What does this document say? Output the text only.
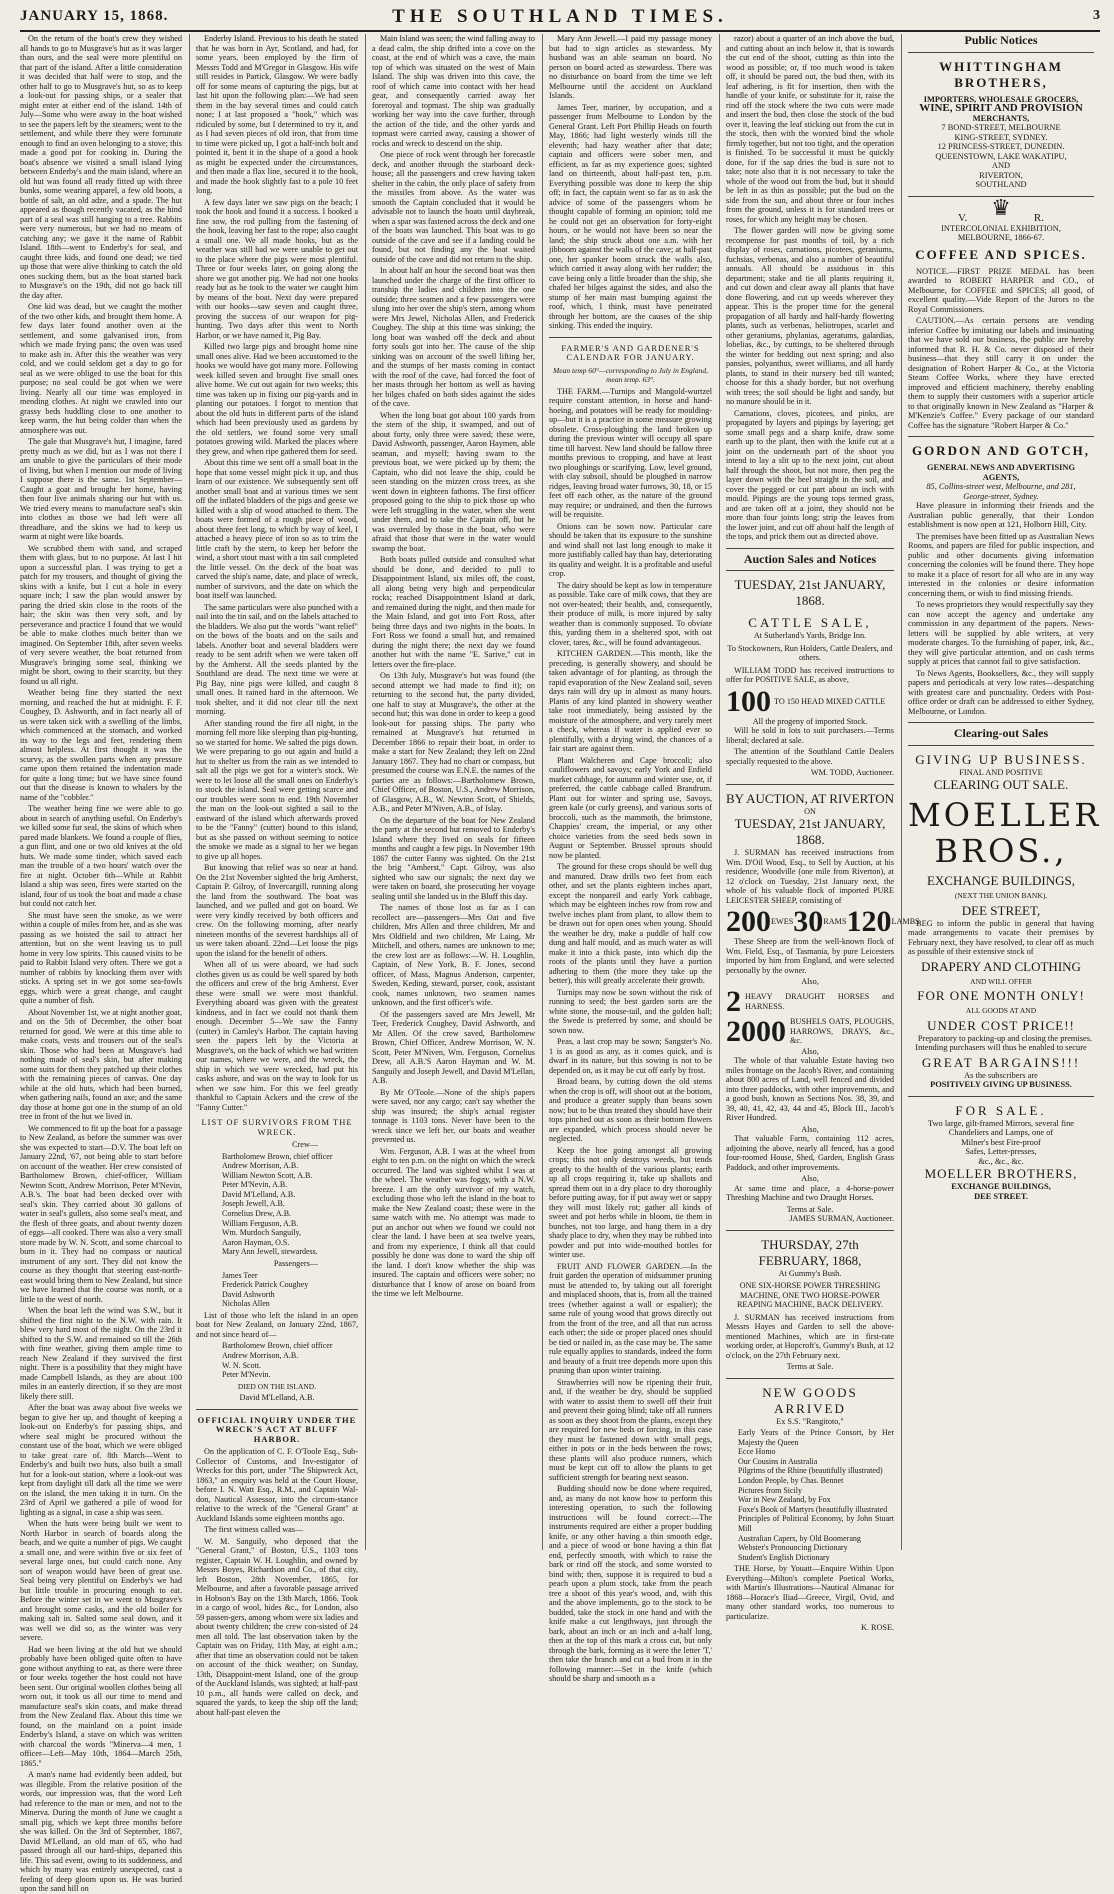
JANUARY 15, 1868.	THE SOUTHLAND TIMES.	3

On the return of the boat's crew they wished all hands to go to Musgrave's hut as it was larger than ours, and the seal were more plentiful on that part of the island. After a little consideration it was decided that half were to stop, and the other half to go to Musgrave's hut, so as to keep a look-out for passing ships, or a sealer that might enter at either end of the island. 14th of July—Some who were away in the boat wished to see the papers left by the steamers; went to the settlement, and while there they were fortunate enough to find an oven belonging to a stove; this made a good pot for cooking in. During the boat's absence we visited a small island lying between Enderby's and the main island, where an old hut was found all ready fitted up with three bunks, some wearing apparel, a few old boots, a bottle of salt, an old adze, and a spade. The hut appeared as though recently vacated, as the hind part of a seal was still hanging to a tree. Rabbits were very numerous, but we had no means of catching any; we gave it the name of Rabbit Island. 18th—went to Enderby's for seal, and caught three kids, and found one dead; we tied up those that were alive thinking to catch the old ones sucking them, but as the boat started back to Musgrave's on the 19th, did not go back till the day after.

One kid was dead, but we caught the mother of the two other kids, and brought them home. A few days later found another oven at the settlement, and some galvanised iron, from which we made frying pans; the oven was used to make ash in. After this the weather was very cold, and we could seldom get a day to go for seal as we were obliged to use the boat for this purpose; no seal could be got when we were living. Nearly all our time was employed in mending clothes. At night we crawled into our grassy beds huddling close to one another to keep warm, the hut being colder than when the atmosphere was out.

The gale that Musgrave's hut, I imagine, fared pretty much as we did, but as I was not there I am unable to give the particulars of their mode of living, but when I mention our mode of living I suppose there is the same. 1st September—Caught a goat and brought her home, having then four live animals sharing our hut with us. We tried every means to manufacture seal's skin into clothes as those we had left were all threadbare, and the skins we had to keep us warm at night were like boards.

We scrubbed them with sand, and scraped them with glass, but to no purpose. At last I hit upon a successful plan. I was trying to get a patch for my trousers, and thought of giving the skins with a knife, but I cut a hole in every square inch; I saw the plan would answer by paring the dried skin close to the roots of the hair; the skin was then very soft, and by perseverance and practice I found that we would be able to make clothes much better than we imagined. On September 18th, after seven weeks of very severe weather, the boat returned from Musgrave's bringing some seal, thinking we might be short, owing to their scarcity, but they found us all right.

Weather being fine they started the next morning, and reached the hut at midnight. F. F. Coughey, D. Ashworth, and in fact nearly all of us were taken sick with a swelling of the limbs, which commenced at the stomach, and worked its way to the legs and feet, rendering them almost helpless. At first thought it was the scurvy, as the swollen parts when any pressure came upon them retained the indentation made for quite a long time; but we have since found out that the disease is known to whalers by the name of the "cobbler."

The weather being fine we were able to go about in search of anything useful. On Enderby's we killed some fur seal, the skins of which when pared made blankets. We found a couple of flies, a gun flint, and one or two old knives at the old huts. We made some tinder, which saved each man the trouble of a two hours' watch over the fire at night. October 6th—While at Rabbit Island a ship was seen, fires were started on the island, four of us took the boat and made a chase but could not catch her.

She must have seen the smoke, as we were within a couple of miles from her, and as she was passing as we hoisted the sail to attract her attention, but on she went leaving us to pull home in very low spirits. This caused visits to be paid to Rabbit Island very often. There we got a number of rabbits by knocking them over with sticks. A spring set in we got some sea-fowls eggs, which were a great change, and caught quite a number of fish.

About November 1st, we at night another goat, and on the 5th of December, the other boat returned for good. We were at this time able to make coats, vests and trousers out of the seal's skin. Those who had been at Musgrave's had nothing made of seal's skin, but after making some suits for them they patched up their clothes with the remaining pieces of canvas. One day while at the old huts, which had been burned, when gathering nails, found an axe; and the same day those at home got one in the stump of an old tree in front of the hut we lived in.

We commenced to fit up the boat for a passage to New Zealand, as before the summer was over she was expected to start—D.V. The boat left on January 22nd, '67, not being able to start before on account of the weather. Her crew consisted of Bartholomew Brown, chief-officer, William Newton Scott, Andrew Morrison, Peter M'Nevin, A.B.'s. The boat had been decked over with seal's skin. They carried about 30 gallons of water in seal's gullets, also some seal's meat, and the flesh of three goats, and about twenty dozen of eggs—all cooked. There was also a very small store made by W. N. Scott, and some charcoal to burn in it. They had no compass or nautical instrument of any sort. They did not know the course as they thought that steering east-north-east would bring them to New Zealand, but since we have learned that the course was north, or a little to the west of north.

When the boat left the wind was S.W., but it shifted the first night to the N.W. with rain. It blew very hard most of the night. On the 23rd it shifted to the S.W. and remained so till the 26th with fine weather, giving them ample time to reach New Zealand if they survived the first night. There is a possibility that they might have made Campbell Islands, as they are about 100 miles in an easterly direction, if so they are most likely there still.

After the boat was away about five weeks we began to give her up, and thought of keeping a look-out on Enderby's for passing ships, and where seal might be procured without the constant use of the boat, which we were obliged to take great care of. 8th March—Went to Enderby's and built two huts, also built a small hut for a look-out station, where a look-out was kept from daylight till dark all the time we were on the island, the men taking it in turn. On the 23rd of April we gathered a pile of wood for lighting as a signal, in case a ship was seen.

When the huts were being built we went to North Harbor in search of boards along the beach, and we quite a number of pigs. We caught a small one, and were within five or six feet of several large ones, but could catch none. Any sort of weapon would have been of great use. Seal being very plentiful on Enderby's we had but little trouble in procuring enough to eat. Before the winter set in we went to Musgrave's and brought some casks, and the old boiler for making salt in. Salted some seal down, and it was well we did so, as the winter was very severe.

Had we been living at the old hut we should probably have been obliged quite often to have gone without anything to eat, as there were three or four weeks together the host could not have been sent. Our original woollen clothes being all worn out, it took us all our time to mend and manufacture seal's skin coats, and make thread from the New Zealand flax. About this time we found, on the mainland on a point inside Enderby's Island, a stave on which was written with charcoal the words "Minerva—4 men, 1 officer—Left—May 10th, 1864—March 25th, 1865."

A man's name had evidently been added, but was illegible. From the relative position of the words, our impression was, that the word Left had reference to the man or men, and not to the Minerva. During the month of June we caught a small pig, which we kept three months before she was killed. On the 3rd of September, 1867, David M'Lelland, an old man of 65, who had passed through all our hard-ships, departed this life. This sad event, owing to its suddenness, and which by many was entirely unexpected, cast a feeling of deep gloom upon us. He was buried upon the sand hill on

Enderby Island. Previous to his death he stated that he was born in Ayr, Scotland, and had, for some years, been employed by the firm of Messrs Todd and M'Gregor in Glasgow. His wife still resides in Partick, Glasgow. We were badly off for some means of capturing the pigs, but at last hit upon the following plan:—We had seen them in the bay several times and could catch none; I at last proposed a "hook," which was ridiculed by some, but I determined to try it, and as I had seven pieces of old iron, that from time to time were picked up, I got a half-inch bolt and pointed it, bent it in the shape of a good a hook as might be expected under the circumstances, and then made a flax line, secured it to the hook, and made the hook slightly fast to a pole 10 feet long.

A few days later we saw pigs on the beach; I took the hook and found it a success. I hooked a fine sow, the rod pulling from the fastening of the hook, leaving her fast to the rope; also caught a small one. We all made hooks, but as the weather was still bad we were unable to get out to the place where the pigs were most plentiful. Three or four weeks later, on going along the shore we got another pig. We had not one hooks ready but as he took to the water we caught him by means of the boat. Next day were prepared with our hooks—saw seven and caught three, proving the success of our weapon for pig-hunting. Two days after this went to North Harbor, or we have named it, Pig Bay.

Killed two large pigs and brought home nine small ones alive. Had we been accustomed to the hooks we would have got many more. Following week killed seven and brought five small ones alive home. We cut out again for two weeks; this time was taken up in fixing our pig-yards and in planting our potatoes. I forgot to mention that about the old huts in different parts of the island which had been previously used as gardens by the old settlers, we found some very small potatoes growing wild. Marked the places where they grew, and when ripe gathered them for seed.

About this time we sent off a small boat in the hope that some vessel might pick it up, and thus learn of our existence. We subsequently sent off another small boat and at various times we sent off the inflated bladders of the pigs and geese we killed with a slip of wood attached to them. The boats were formed of a rough piece of wood, about three feet long, to which by way of keel, I attached a heavy piece of iron so as to trim the little craft by the stern, to keep her before the wind, a short stout mast with a tin sail completed the little vessel. On the deck of the boat was carved the ship's name, date, and place of wreck, number of survivors, and the date on which the boat itself was launched.

The same particulars were also punched with a nail into the tin sail, and on the labels attached to the bladders. We also put the words "want relief" on the bows of the boats and on the sails and labels. Another boat and several bladders were ready to be sent adrift when we were taken off by the Amherst. All the seeds planted by the Southland are dead. The next time we were at Pig Bay, nine pigs were killed, and caught 8 small ones. It rained hard in the afternoon. We took shelter, and it did not clear till the next morning.

After standing round the fire all night, in the morning fell more like sleeping than pig-hunting, so we started for home. We salted the pigs down. We were preparing to go out again and build a hut to shelter us from the rain as we intended to salt all the pigs we got for a winter's stock. We were to let loose all the small ones on Enderby's to stock the island. Seal were getting scarce and our troubles were soon to end. 19th November the man on the look-out sighted a sail to the eastward of the island which afterwards proved to be the "Fanny" (cutter) bound to this island, but as she passed on without seeming to notice the smoke we made as a signal to her we began to give up all hopes.

But knowing that relief was so near at hand. On the 21st November sighted the brig Amherst, Captain P. Gilroy, of Invercargill, running along the land from the southward. The boat was launched, and we pulled and got on board. We were very kindly received by both officers and crew. On the following morning, after nearly nineteen months of the severest hardships all of us were taken aboard. 22nd—Let loose the pigs upon the island for the benefit of others.

When all of us were aboard, we had such clothes given us as could be well spared by both the officers and crew of the brig Amherst. Ever these were small we were most thankful. Everything aboard was given with the greatest kindness, and in fact we could not thank them enough. December 5—We saw the Fanny (cutter) in Carnley's Harbor. The captain having seen the papers left by the Victoria at Musgrave's, on the back of which we had written our names, where we were, and the wreck, the ship in which we were wrecked, had put his casks ashore, and was on the way to look for us when we saw him. For this we feel greatly thankful to Captain Ackers and the crew of the "Fanny Cutter."

LIST OF SURVIVORS FROM THE WRECK.
Crew—
Bartholomew Brown, chief officer
Andrew Morrison, A.B.
William Newton Scott, A.B.
Peter M'Nevin, A.B.
David M'Lelland, A.B.
Joseph Jewell, A.B.
Cornelius Drew, A.B.
William Ferguson, A.B.
Wm. Murdoch Sanguily,
Aaron Hayman, O.S.
Mary Ann Jewell, stewardess.
Passengers—
James Teer
Frederick Patrick Coughey
David Ashworth
Nicholas Allen

List of those who left the island in an open boat for New Zealand, on January 22nd, 1867, and not since heard of—

Bartholomew Brown, chief officer
Andrew Morrison, A.B.
W. N. Scott.
Peter M'Nevin.
DIED ON THE ISLAND.
David M'Lelland, A.B.
OFFICIAL INQUIRY UNDER THE WRECK'S ACT AT BLUFF HARBOR.

On the application of C. F. O'Toole Esq., Sub-Collector of Customs, and Inv-estigator of Wrecks for this port, under "The Shipwreck Act, 1863," an enquiry was held at the Court House, before I. N. Watt Esq., R.M., and Captain Wal-don, Nautical Assessor, into the circum-stance relative to the wreck of the "General Grant" at Auckland Islands some eighteen months ago.

The first witness called was—

W. M. Sanguily, who deposed that the "General Grant," of Boston, U.S., 1103 tons register, Captain W. H. Loughlin, and owned by Messrs Boyes, Richardson and Co., of that city, left Boston, 28th November, 1865, for Melbourne, and after a favorable passage arrived in Hobson's Bay on the 13th March, 1866. Took in a cargo of wool, hides &c., for London, also 59 passen-gers, among whom were six ladies and about twenty children; the crew con-sisted of 24 men all told. The last observation taken by the Captain was on Friday, 11th May, at eight a.m.; after that time an observation could not be taken on account of the thick weather; on Sunday, 13th, Disappoint-ment Island, one of the group of the Auckland Islands, was sighted; at half-past 10 p.m., all hands were called on deck, and squared the yards, to keep the ship off the land; about half-past eleven the

Main Island was seen; the wind falling away to a dead calm, the ship drifted into a cove on the coast, at the end of which was a cave, the main top of which was situated on the west of Main Island. The ship was driven into this cave, the roof of which came into contact with her head gear, and consequently carried away her foreroyal and topmast. The ship was gradually working her way into the cave further, through the action of the tide, and the other yards and topmast were carried away, causing a shower of rocks and wreck to descend on the ship.

One piece of rock went through her forecastle deck, and another through the starboard deck-house; all the passengers and crew having taken shelter in the cabin, the only place of safety from the missiles from above. As the water was smooth the Captain concluded that it would be advisable not to launch the boats until daybreak, when a spar was fastened across the deck and one of the boats was launched. This boat was to go outside of the cave and see if a landing could be found, but not finding any the boat waited outside of the cave and did not return to the ship.

In about half an hour the second boat was then launched under the charge of the first officer to tranship the ladies and children into the one outside; three seamen and a few passengers were slung into her over the ship's stern, among whom were Mrs Jewel, Nicholas Allen, and Frederick Coughey. The ship at this time was sinking; the long boat was washed off the deck and about forty souls got into her. The cause of the ship sinking was on account of the swell lifting her, and the stumps of her masts coming in contact with the roof of the cave, had forced the foot of her masts through her bottom as well as having her bilges chafed on both sides against the sides of the cave.

When the long boat got about 100 yards from the stern of the ship, it swamped, and out of about forty, only three were saved; these were, David Ashworth, passenger, Aaron Haymen, able seaman, and myself; having swam to the previous boat, we were picked up by them; the Captain, who did not leave the ship, could be seen standing on the mizzen cross trees, as she went down in eighteen fathoms. The first officer proposed going to the ship to pick those up who were left struggling in the water, when she went under them, and to take the Captain off, but he was overruled by those in the boat, who were afraid that those that were in the water would swamp the boat.

Both boats pulled outside and consulted what should be done, and decided to pull to Disappointment Island, six miles off, the coast, all along being very high and perpendicular rocks; reached Disappointment Island at dark, and remained during the night, and then made for the Main Island, and got into Fort Ross, after being three days and two nights in the boats. In Fort Ross we found a small hut, and remained during the night there; the next day we found another hut with the name "E. Sarive," cut in letters over the fire-place.

On 13th July, Musgrave's hut was found (the second attempt we had made to find it); on returning to the second hut, the party divided, one half to stay at Musgrave's, the other at the second hut; this was done in order to keep a good look-out for passing ships. The party who remained at Musgrave's hut returned in December 1866 to repair their boat, in order to make a start for New Zealand; they left on 22nd January 1867. They had no chart or compass, but presumed the course was E.N.E. the names of the parties are as follows:—Bartholomew Brown, Chief Officer, of Boston, U.S., Andrew Morrison, of Glasgow, A.B., W. Newton Scott, of Shields, A.B., and Peter M'Niven, A.B., of Islay.

On the departure of the boat for New Zealand the party at the second hut removed to Enderby's Island where they lived on seals for fifteen months and caught a few pigs. In November 19th 1867 the cutter Fanny was sighted. On the 21st the brig "Amherst," Capt. Gilroy, was also sighted who saw our signals; the next day we were taken on board, she prosecuting her voyage sealing until she landed us in the Bluff this day.

The names of those lost as far as I can recollect are—passengers—Mrs Oat and five children, Mrs Allen and three children, Mr and Mrs Oldfield and two children, Mr Laing, Mr Mitchell, and others, names are unknown to me; the crew lost are as follows:—W. H. Loughlin, Captain, of New York, B. F. Jones, second officer, of Mass, Magnus Anderson, carpenter, Sweden, Keding, steward, purser, cook, assistant cook, names unknown, two seamen names unknown, and the first officer's wife.

Of the passengers saved are Mrs Jewell, Mr Teer, Frederick Coughey, David Ashworth, and Mr Allen. Of the crew saved, Bartholomew Brown, Chief Officer, Andrew Morrison, W. N. Scott, Peter M'Niven, Wm. Ferguson, Cornelius Drew, all A.B.'S Aaron Hayman and W. M. Sanguily and Joseph Jewell, and David M'Lellan, A.B.

By Mr O'Toole.—None of the ship's papers were saved, nor any cargo; can't say whether the ship was insured; the ship's actual register tonnage is 1103 tons. Never have been to the wreck since we left her, our boats and weather prevented us.

Wm. Ferguson, A.B. I was at the wheel from eight to ten p.m. on the night on which the wreck occurred. The land was sighted whilst I was at the wheel. The weather was foggy, with a N.W. breeze. I am the only survivor of my watch, excluding those who left the island in the boat to make the New Zealand coast; these were in the same watch with me. No attempt was made to put an anchor out when we found we could not clear the land. I have been at sea twelve years, and from my experience, I think all that could possibly be done was done to ward the ship off the land. I don't know whether the ship was insured. The captain and officers were sober; no disturbance that I know of arose on board from the time we left Melbourne.

Mary Ann Jewell.—I paid my passage money but had to sign articles as stewardess. My husband was an able seaman on board. No person on board acted as stewardess. There was no disturbance on board from the time we left Melbourne until the accident on Auckland Islands.

James Teer, mariner, by occupation, and a passenger from Melbourne to London by the General Grant. Left Port Phillip Heads on fourth May, 1866; had light westerly winds till the eleventh; had hazy weather after that date; captain and officers were sober men, and efficient, as far as my experience goes; sighted land on thirteenth, about half-past ten, p.m. Everything possible was done to keep the ship off; in fact, the captain went so far as to ask the advice of some of the passengers whom he thought capable of forming an opinion; told me he could not get an observation for forty-eight hours, or he would not have been so near the land; the ship struck about one a.m. with her jibboom against the walls of the cave; at half-past one, her spanker boom struck the walls also, which carried it away along with her rudder; the cave being only a little broader than the ship, she chafed her bilges against the sides, and also the stump of her main mast bumping against the roof, which, I think, must have penetrated through her bottom, are the causes of the ship sinking. This ended the inquiry.

FARMER'S AND GARDENER'S CALENDAR FOR JANUARY.
Mean temp 60°—corresponding to July in England, mean temp. 63°.

THE FARM.—Turnips and Mangold-wurtzel require constant attention, in horse and hand-hoeing, and potatoes will be ready for moulding-up—but it is a practice in some measure growing obsolete. Cross-ploughing the land broken up during the previous winter will occupy all spare time till harvest. New land should be fallow three months previous to cropping, and have at least two ploughings or scarifying. Low, level ground, with clay subsoil, should be ploughed in narrow ridges, leaving broad water furrows, 30, 18, or 15 feet off each other, as the nature of the ground may require; or undrained, and then the furrows will be requisite.

Onions can be sown now. Particular care should be taken that its exposure to the sunshine and wind shall not last long enough to make it more justifiably called hay than hay, deteriorating its quality and weight. It is a profitable and useful crop.

The dairy should be kept as low in temperature as possible. Take care of milk cows, that they are not over-heated; their health, and, consequently, their produce of milk, is more injured by salty weather than is commonly supposed. To obviate this, yarding them in a sheltered spot, with oat clover, tares, &c., will be found advantageous.

KITCHEN GARDEN.—This month, like the preceding, is generally showery, and should be taken advantage of for planting, as through the rapid evaporation of the New Zealand soil, seven days rain will dry up in almost as many hours. Plants of any kind planted in showery weather take root immediately, being assisted by the moisture of the atmosphere, and very rarely meet a check, whereas if water is applied ever so plentifully, with a drying wind, the chances of a fair start are against them.

Plant Walcheren and Cape broccoli; also cauliflowers and savoys; early York and Enfield market cabbage, for autumn and winter use, or, if preferred, the cattle cabbage called Brandrum. Plant out for winter and spring use, Savoys, green kale (or curly greens), and various sorts of broccoli, such as the mammoth, the brimstone, Chappies' cream, the imperial, or any other choice varieties from the seed beds sown in August or September. Brussel sprouts should now be planted.

The ground for these crops should be well dug and manured. Draw drills two feet from each other, and set the plants eighteen inches apart, except the nonpareil and early York cabbage, which may be eighteen inches row from row and twelve inches plant from plant, to allow them to be drawn out for open ones when young. Should the weather be dry, make a puddle of half cow dung and half mould, and as much water as will make it into a thick paste, into which dip the roots of the plants until they have a portion adhering to them (the more they take up the better), this will greatly accelerate their growth.

Turnips may now be sown without the risk of running to seed; the best garden sorts are the white stone, the mouse-tail, and the golden ball; the Swede is preferred by some, and should be sown now.

Peas, a last crop may be sown; Sangster's No. 1 is as good as any, as it comes quick, and is dwarf in its nature, but this sowing is not to be depended on, as it may be cut off early by frost.

Broad beans, by cutting down the old stems when the crop is off, will shoot out at the bottom, and produce a greater supply than beans sown now; but to be thus treated they should have their tops pinched out as soon as their bottom flowers are expanded, which process should never be neglected.

Keep the hoe going amongst all growing crops; this not only destroys weeds, but tends greatly to the health of the various plants; earth up all crops requiring it, take up shallots and spread them out in a dry place to dry thoroughly before putting away, for if put away wet or sappy they will most likely rot; gather all kinds of sweet and pot herbs while in bloom, tie them in bunches, not too large, and hang them in a dry shady place to dry, when they may be rubbed into powder and put into wide-mouthed bottles for winter use.

FRUIT AND FLOWER GARDEN.—In the fruit garden the operation of midsummer pruning must be attended to, by taking out all foreright and misplaced shoots, that is, from all the trained trees (whether against a wall or espalier); the same rule of young wood that grows directly out from the front of the tree, and all that run across each other; the side or proper placed ones should be tied or nailed in, as the case may be. The same rule equally applies to standards, indeed the form and beauty of a fruit tree depends more upon this pruning than upon winter training.

Strawberries will now be ripening their fruit, and, if the weather be dry, should be supplied with water to assist them to swell off their fruit and prevent their going blind; take off all runners as soon as they shoot from the plants, except they are required for new beds or forcing, in this case they must be fastened down with small pegs, either in pots or in the beds between the rows; these plants will also produce runners, which must be kept cut off to allow the plants to get sufficient strength for bearing next season.

Budding should now be done where required, and, as many do not know how to perform this interesting operation, to such the following instructions will be found correct:—The instruments required are either a proper budding knife, or any other having a thin smooth edge, and a piece of wood or bone having a thin flat end, perfectly smooth, with which to raise the bark or rind off the stock, and some worsted to bind with; then, suppose it is required to bud a peach upon a plum stock, take from the peach tree a shoot of this year's wood, and, with this and the above implements, go to the stock to be budded, take the stock in one hand and with the knife make a cut lengthways, just through the bark, about an inch or an inch and a-half long, then at the top of this mark a cross cut, but only through the bark, forming as it were the letter 'T,' then take the branch and cut a bud from it in the following manner:—Set in the knife (which should be sharp and smooth as a

razor) about a quarter of an inch above the bud, and cutting about an inch below it, that is towards the cut end of the shoot, cutting as thin into the wood as possible; or, if too much wood is taken off, it should be pared out, the bud then, with its leaf adhering, is fit for insertion, then with the handle of your knife, or substitute for it, raise the rind off the stock where the two cuts were made and insert the bud, then close the stock of the bud over it, leaving the leaf sticking out from the cut in the stock, then with the worsted bind the whole firmly together, but not too tight, and the operation is finished. To be successful it must be quickly done, for if the sap dries the bud is sure not to take; note also that it is not necessary to take the whole of the wood out from the bud, but it should be left in as thin as possible; put the bud on the side from the sun, and about three or four inches from the ground, unless it is for standard trees or roses, for which any height may be chosen.

The flower garden will now be giving some recompense for past months of toil, by a rich display of roses, carnations, picotees, geraniums, fuchsias, verbenas, and also a number of beautiful annuals. All should be assiduous in this department; stake and tie all plants requiring it, and cut down and clear away all plants that have done flowering, and cut up weeds wherever they appear. This is the proper time for the general propagation of all hardy and half-hardy flowering plants, such as verbenas, heliotropes, scarlet and other geraniums, phylanias, ageratums, galardias, lobelias, &c., by cuttings, to be sheltered through the winter for bedding out next spring; and also pansies, polyanthus, sweet williams, and all hardy plants, to stand in their nursery bed till wanted; choose for this a shady border, but not overhung with trees; the soil should be light and sandy, but no manure should be in it.

Carnations, cloves, picotees, and pinks, are propagated by layers and pipings by layering; get some small pegs and a sharp knife, draw some earth up to the plant, then with the knife cut at a joint on the underneath part of the shoot you intend to lay a slit up to the next joint, cut about half through the shoot, but not more, then peg the layer down with the heel straight in the soil, and cover the pegged or cut part about an inch with mould. Pipings are the young tops termed grass, and are taken off at a joint, they should not be more than four joints long; strip the leaves from the lower joint, and cut off about half the length of the tops, and prick them out as directed above.

Auction Sales and Notices
TUESDAY, 21st JANUARY, 1868.
CATTLE SALE,
At Sutherland's Yards, Bridge Inn.
To Stockowners, Run Holders, Cattle Dealers, and others.

WILLIAM TODD has received instructions to offer for POSITIVE SALE, as above,

100 TO 150 HEAD MIXED CATTLE
All the progeny of imported Stock.

Will be sold in lots to suit purchasers.—Terms liberal; declared at sale.

The attention of the Southland Cattle Dealers specially requested to the above.

WM. TODD, Auctioneer.
BY AUCTION, AT RIVERTON
ON
TUESDAY, 21st JANUARY, 1868.

J. SURMAN has received instructions from Wm. D'Oil Wood, Esq., to Sell by Auction, at his residence, Woodville (one mile from Riverton), at 12 o'clock on Tuesday, 21st January next, the whole of his valuable flock of imported PURE LEICESTER SHEEP, consisting of

200 EWES 30 RAMS 120 LAMBS

These Sheep are from the well-known flock of Wm. Field, Esq., of Tasmania, by pure Leicesters imported by him from England, and were selected personally by the owner.

Also,
2 HEAVY DRAUGHT HORSES and HARNESS.
2000 BUSHELS OATS, PLOUGHS, HARROWS, DRAYS, &c., &c.
Also,

The whole of that valuable Estate having two miles frontage on the Jacob's River, and containing about 800 acres of Land, well fenced and divided into three paddocks, with other improvements, and a good bush, known as Sections Nos. 38, 39, and 39, 40, 41, 42, 43, 44 and 45, Block III., Jacob's River Hundred.

Also,

That valuable Farm, containing 112 acres, adjoining the above, nearly all fenced, has a good four-roomed House, Shed, Garden, English Grass Paddock, and other improvements.

Also,

At same time and place, a 4-horse-power Threshing Machine and two Draught Horses.

Terms at Sale.
JAMES SURMAN, Auctioneer.
THURSDAY, 27th FEBRUARY, 1868,
At Gummy's Bush.
ONE SIX-HORSE POWER THRESHING MACHINE, ONE TWO HORSE-POWER REAPING MACHINE, BACK DELIVERY.

J. SURMAN has received instructions from Messrs Hayes and Garden to sell the above-mentioned Machines, which are in first-rate working order, at Hopcroft's, Gummy's Bush, at 12 o'clock, on the 27th February next.

Terms at Sale.
NEW GOODS ARRIVED
Ex S.S. "Rangitoto,"
Early Years of the Prince Consort, by Her Majesty the Queen
Ecce Homo
Our Cousins in Australia
Pilgrims of the Rhine (beautifully illustrated)
London People, by Chas. Bennet
Pictures from Sicily
War in New Zealand, by Fox
Foxe's Book of Martyrs (beautifully illustrated
Principles of Political Economy, by John Stuart Mill
Australian Capers, by Old Boomerang
Webster's Pronouncing Dictionary
Student's English Dictionary

THE Horse, by Youatt—Enquire Within Upon Everything—Milton's complete Poetical Works, with Martin's Illustrations—Nautical Almanac for 1868—Horace's Iliad—Greece, Virgil, Ovid, and many other standard works, too numerous to particularize.

K. ROSE.
Public Notices
WHITTINGHAM BROTHERS,
IMPORTERS, WHOLESALE GROCERS,
WINE, SPIRIT AND PROVISION
MERCHANTS,
7 BOND-STREET, MELBOURNE
KING-STREET, SYDNEY.
12 PRINCESS-STREET, DUNEDIN.
QUEENSTOWN, LAKE WAKATIPU,
AND
RIVERTON,
SOUTHLAND
♛
V.	R.
INTERCOLONIAL EXHIBITION,
MELBOURNE, 1866-67.
COFFEE AND SPICES.

NOTICE.—FIRST PRIZE MEDAL has been awarded to ROBERT HARPER and CO., of Melbourne, for COFFEE and SPICES; all good, of excellent quality.—Vide Report of the Jurors to the Royal Commissioners.

CAUTION.—As certain persons are vending inferior Coffee by imitating our labels and insinuating that we have sold our business, the public are hereby informed that R. H. & Co. never disposed of their business—that they still carry it on under the designation of Robert Harper & Co., at the Victoria Steam Coffee Works, where they have erected improved and efficient machinery, thereby enabling them to supply their customers with a superior article to that originally known in New Zealand as "Harper & M'Kenzie's Coffee." Every package of our standard Coffee has the signature "Robert Harper & Co."

GORDON AND GOTCH,
GENERAL NEWS AND ADVERTISING
AGENTS,
85, Collins-street west, Melbourne, and 281,
George-street, Sydney.

Have pleasure in informing their friends and the Australian public generally, that their London establishment is now open at 121, Holborn Hill, City.

The premises have been fitted up as Australian News Rooms, and papers are filed for public inspection, and public and other documents giving information concerning the colonies will be found there. They hope to make it a place of resort for all who are in any way interested in the colonies or desire information concerning them, or wish to find missing friends.

To news proprietors they would respectfully say they can now accept the agency and undertake any commission in any department of the papers. News-letters will be supplied by able writers, at very moderate charges. To the furnishing of paper, ink, &c., they will give particular attention, and on cash terms supply at prices that cannot fail to give satisfaction.

To News Agents, Booksellers, &c., they will supply papers and periodicals at very low rates—despatching with greatest care and punctuality. Orders with Post-office order or draft can be addressed to either Sydney, Melbourne, or London.

Clearing-out Sales
GIVING UP BUSINESS.
FINAL AND POSITIVE
CLEARING OUT SALE.
MOELLER BROS.,
EXCHANGE BUILDINGS,
(NEXT THE UNION BANK),
DEE STREET,

BEG to inform the public in general that having made arrangements to vacate their premises by February next, they have resolved, to clear off as much as possible of their extensive stock of

DRAPERY AND CLOTHING
AND WILL OFFER
FOR ONE MONTH ONLY!
ALL GOODS AT AND
UNDER COST PRICE!!

Preparatory to packing-up and closing the premises. Intending purchasers will thus be enabled to secure

GREAT BARGAINS!!!
As the subscribers are
POSITIVELY GIVING UP BUSINESS.
FOR SALE.
Two large, gilt-framed Mirrors, several fine
Chandeliers and Lamps, one of
Milner's best Fire-proof
Safes, Letter-presses,
&c., &c., &c.
MOELLER BROTHERS,
EXCHANGE BUILDINGS,
DEE STREET.
